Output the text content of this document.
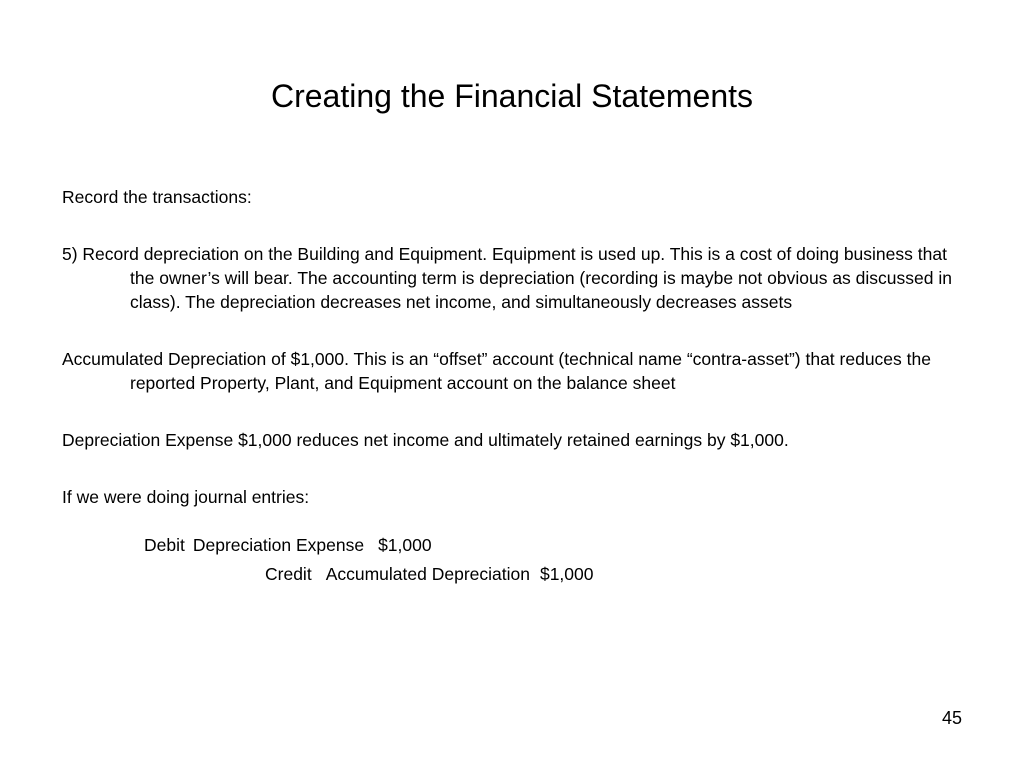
Creating the Financial Statements

Record the transactions:

5) Record depreciation on the Building and Equipment. Equipment is used up. This is a cost of doing business that the owner’s will bear. The accounting term is depreciation (recording is maybe not obvious as discussed in class). The depreciation decreases net income, and simultaneously decreases assets

Accumulated Depreciation of $1,000. This is an “offset” account (technical name “contra-asset”) that reduces the reported Property, Plant, and Equipment account on the balance sheet

Depreciation Expense $1,000 reduces net income and ultimately retained earnings by $1,000.

If we were doing journal entries:

Debit Depreciation Expense $1,000
Credit Accumulated Depreciation $1,000
45
